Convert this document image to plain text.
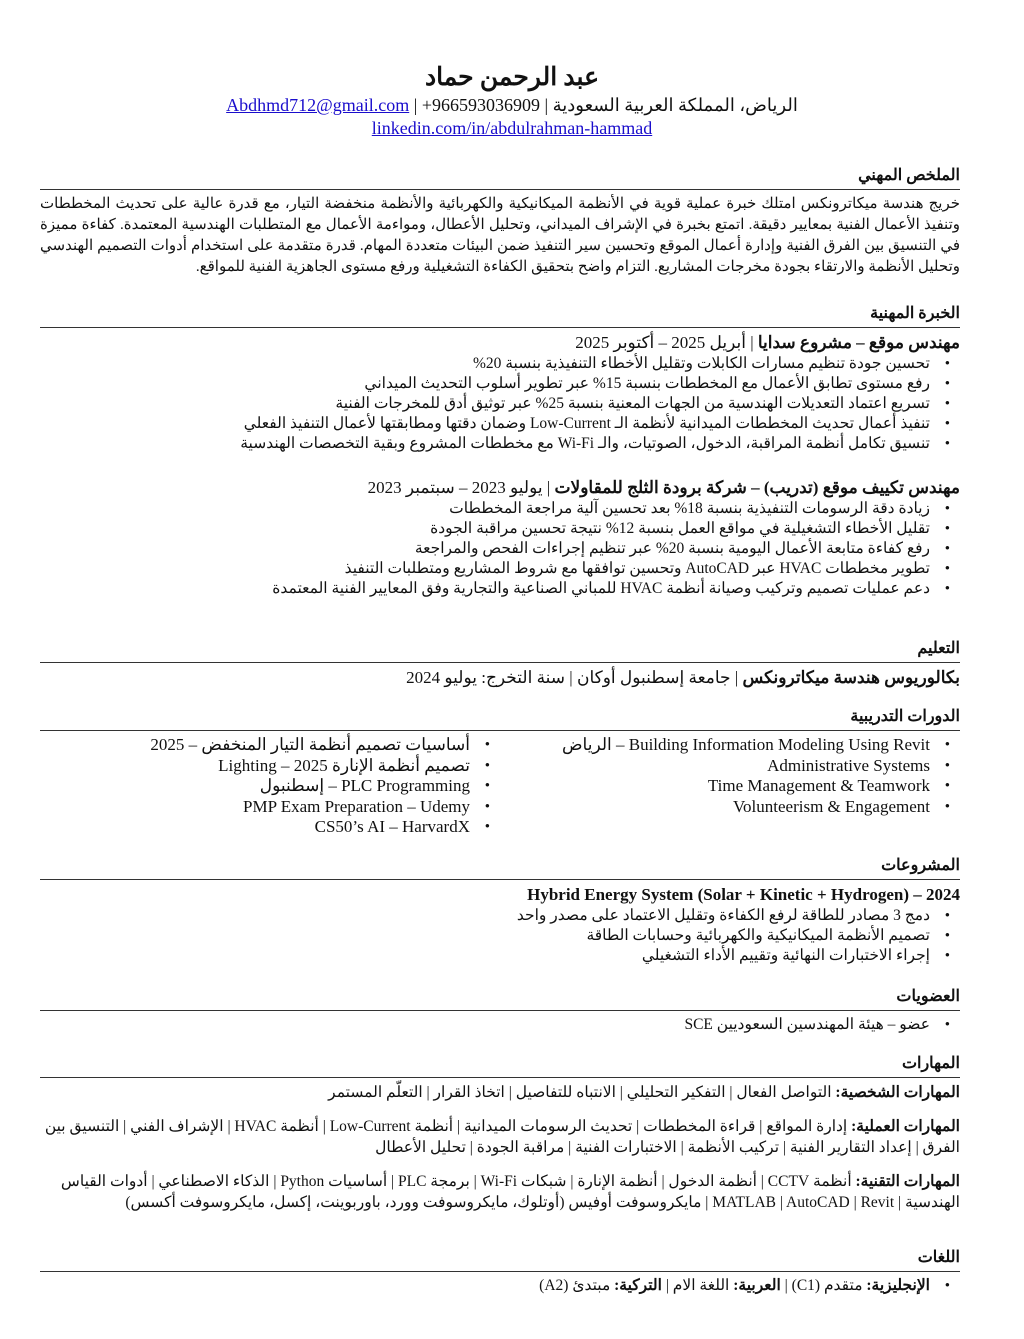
عبد الرحمن حماد
Abdhmd712@gmail.com | +966593036909 | الرياض، المملكة العربية السعودية
linkedin.com/in/abdulrahman-hammad
الملخص المهني
خريج هندسة ميكاترونكس امتلك خبرة عملية قوية في الأنظمة الميكانيكية والكهربائية والأنظمة منخفضة التيار، مع قدرة عالية على تحديث المخططات وتنفيذ الأعمال الفنية بمعايير دقيقة. اتمتع بخبرة في الإشراف الميداني، وتحليل الأعطال، ومواءمة الأعمال مع المتطلبات الهندسية المعتمدة. كفاءة مميزة في التنسيق بين الفرق الفنية وإدارة أعمال الموقع وتحسين سير التنفيذ ضمن البيئات متعددة المهام. قدرة متقدمة على استخدام أدوات التصميم الهندسي وتحليل الأنظمة والارتقاء بجودة مخرجات المشاريع. التزام واضح بتحقيق الكفاءة التشغيلية ورفع مستوى الجاهزية الفنية للمواقع.
الخبرة المهنية
مهندس موقع – مشروع سدايا | أبريل 2025 – أكتوبر 2025
• تحسين جودة تنظيم مسارات الكابلات وتقليل الأخطاء التنفيذية بنسبة 20%
• رفع مستوى تطابق الأعمال مع المخططات بنسبة 15% عبر تطوير أسلوب التحديث الميداني
• تسريع اعتماد التعديلات الهندسية من الجهات المعنية بنسبة 25% عبر توثيق أدق للمخرجات الفنية
• تنفيذ أعمال تحديث المخططات الميدانية لأنظمة الـ Low-Current وضمان دقتها ومطابقتها لأعمال التنفيذ الفعلي
• تنسيق تكامل أنظمة المراقبة، الدخول، الصوتيات، والـ Wi-Fi مع مخططات المشروع وبقية التخصصات الهندسية
مهندس تكييف موقع (تدريب) – شركة برودة الثلج للمقاولات | يوليو 2023 – سبتمبر 2023
• زيادة دقة الرسومات التنفيذية بنسبة 18% بعد تحسين آلية مراجعة المخططات
• تقليل الأخطاء التشغيلية في مواقع العمل بنسبة 12% نتيجة تحسين مراقبة الجودة
• رفع كفاءة متابعة الأعمال اليومية بنسبة 20% عبر تنظيم إجراءات الفحص والمراجعة
• تطوير مخططات HVAC عبر AutoCAD وتحسين توافقها مع شروط المشاريع ومتطلبات التنفيذ
• دعم عمليات تصميم وتركيب وصيانة أنظمة HVAC للمباني الصناعية والتجارية وفق المعايير الفنية المعتمدة
التعليم
بكالوريوس هندسة ميكاترونكس | جامعة إسطنبول أوكان | سنة التخرج: يوليو 2024
الدورات التدريبية
• Building Information Modeling Using Revit – الرياض
• Administrative Systems
• Time Management & Teamwork
• Volunteerism & Engagement
• أساسيات تصميم أنظمة التيار المنخفض – 2025
• تصميم أنظمة الإنارة 2025 – Lighting
• PLC Programming – إسطنبول
• PMP Exam Preparation – Udemy
• CS50’s AI – HarvardX
المشروعات
Hybrid Energy System (Solar + Kinetic + Hydrogen) – 2024
• دمج 3 مصادر للطاقة لرفع الكفاءة وتقليل الاعتماد على مصدر واحد
• تصميم الأنظمة الميكانيكية والكهربائية وحسابات الطاقة
• إجراء الاختبارات النهائية وتقييم الأداء التشغيلي
العضويات
• عضو – هيئة المهندسين السعوديين SCE
المهارات
المهارات الشخصية: التواصل الفعال | التفكير التحليلي | الانتباه للتفاصيل | اتخاذ القرار | التعلّم المستمر
المهارات العملية: إدارة المواقع | قراءة المخططات | تحديث الرسومات الميدانية | أنظمة Low-Current | أنظمة HVAC | الإشراف الفني | التنسيق بين الفرق | إعداد التقارير الفنية | تركيب الأنظمة | الاختبارات الفنية | مراقبة الجودة | تحليل الأعطال
المهارات التقنية: أنظمة CCTV | أنظمة الدخول | أنظمة الإنارة | شبكات Wi-Fi | برمجة PLC | أساسيات Python | الذكاء الاصطناعي | أدوات القياس الهندسية | MATLAB | AutoCAD | Revit | مايكروسوفت أوفيس (أوتلوك، مايكروسوفت وورد، باوربوينت، إكسل، مايكروسوفت أكسس)
اللغات
• الإنجليزية: متقدم (C1) | العربية: اللغة الام | التركية: مبتدئ (A2)
